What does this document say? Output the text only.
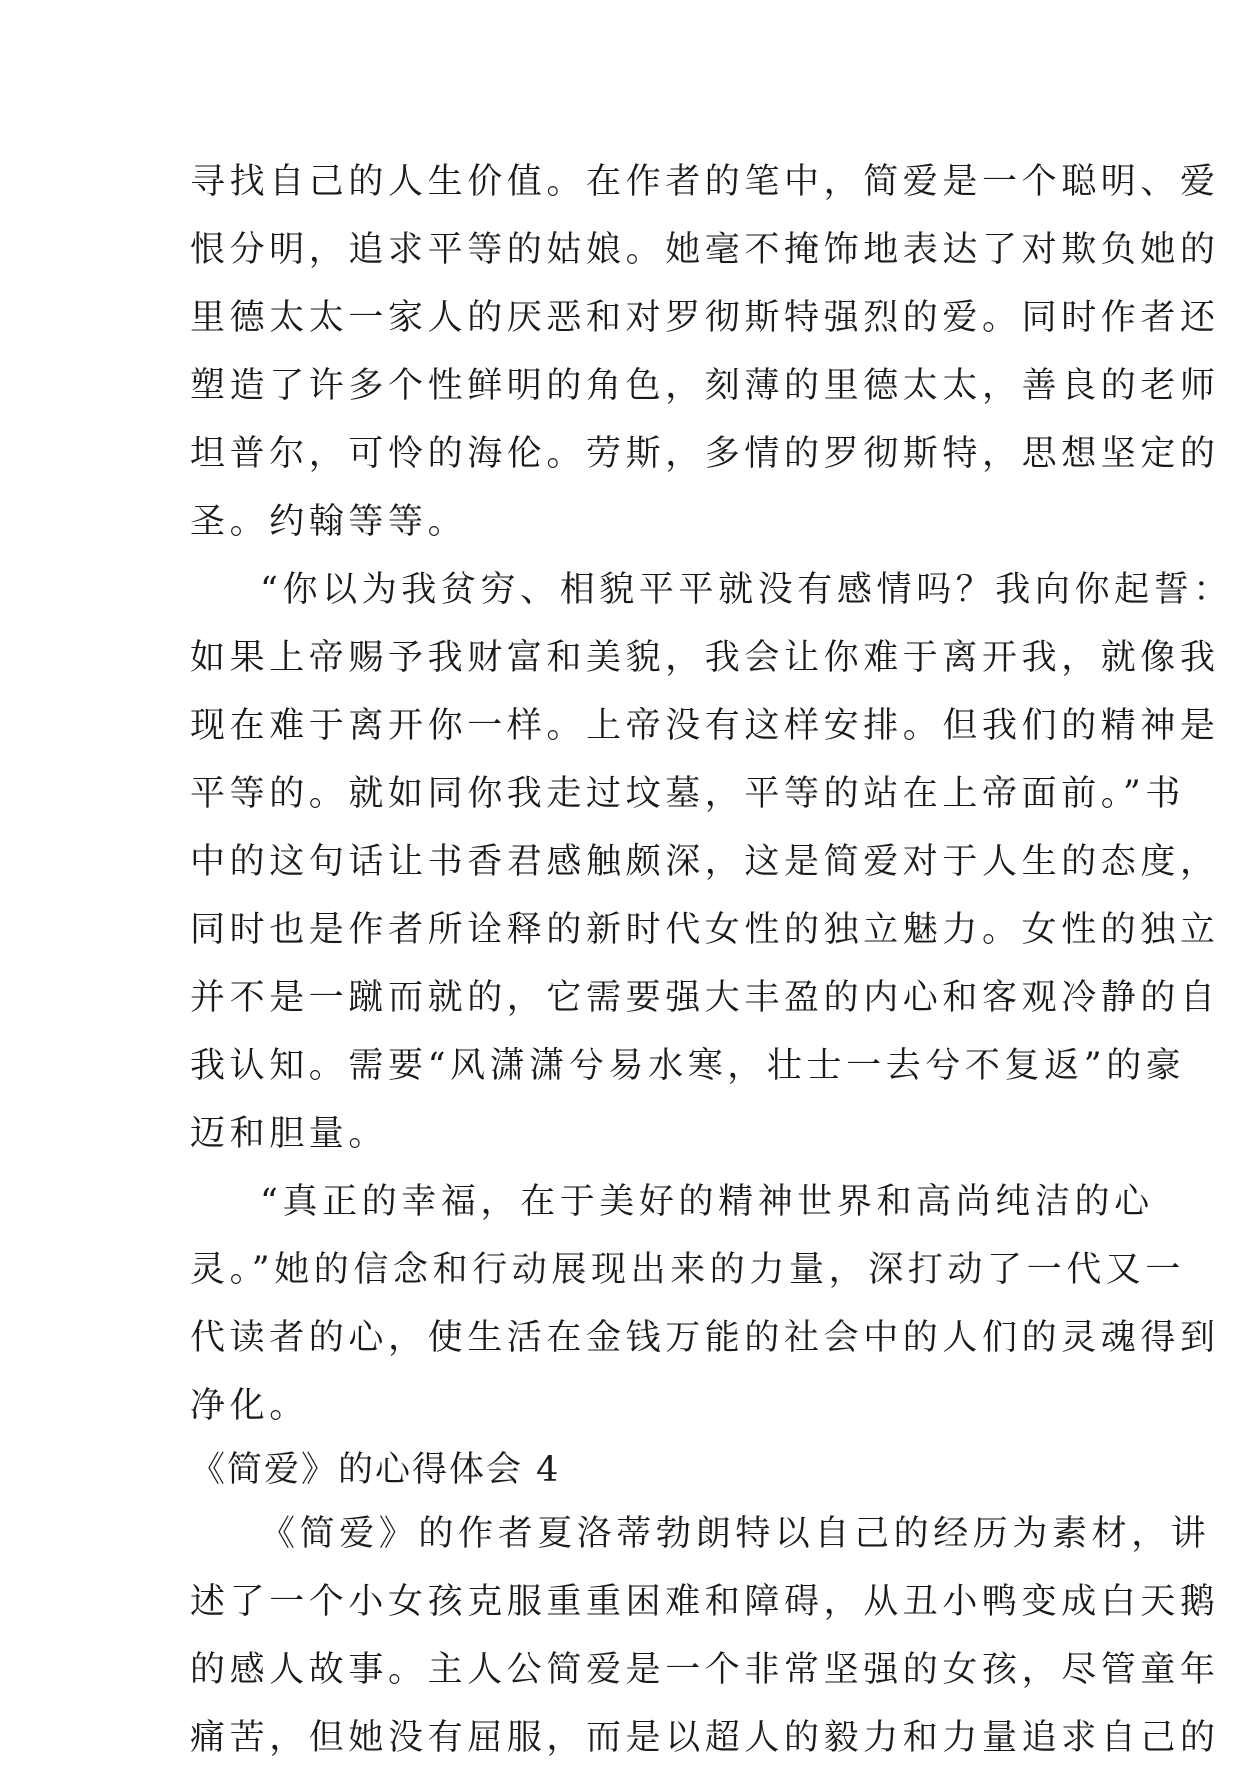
寻找自己的人生价值。在作者的笔中，简爱是一个聪明、爱
恨分明，追求平等的姑娘。她毫不掩饰地表达了对欺负她的
里德太太一家人的厌恶和对罗彻斯特强烈的爱。同时作者还
塑造了许多个性鲜明的角色，刻薄的里德太太，善良的老师
坦普尔，可怜的海伦。劳斯，多情的罗彻斯特，思想坚定的
圣。约翰等等。
“你以为我贫穷、相貌平平就没有感情吗？我向你起誓：
如果上帝赐予我财富和美貌，我会让你难于离开我，就像我
现在难于离开你一样。上帝没有这样安排。但我们的精神是
平等的。就如同你我走过坟墓，平等的站在上帝面前。”书
中的这句话让书香君感触颇深，这是简爱对于人生的态度，
同时也是作者所诠释的新时代女性的独立魅力。女性的独立
并不是一蹴而就的，它需要强大丰盈的内心和客观冷静的自
我认知。需要“风潇潇兮易水寒，壮士一去兮不复返”的豪
迈和胆量。
“真正的幸福，在于美好的精神世界和高尚纯洁的心
灵。”她的信念和行动展现出来的力量，深打动了一代又一
代读者的心，使生活在金钱万能的社会中的人们的灵魂得到
净化。
《简爱》的心得体会 4
《简爱》的作者夏洛蒂勃朗特以自己的经历为素材，讲
述了一个小女孩克服重重困难和障碍，从丑小鸭变成白天鹅
的感人故事。主人公简爱是一个非常坚强的女孩，尽管童年
痛苦，但她没有屈服，而是以超人的毅力和力量追求自己的
